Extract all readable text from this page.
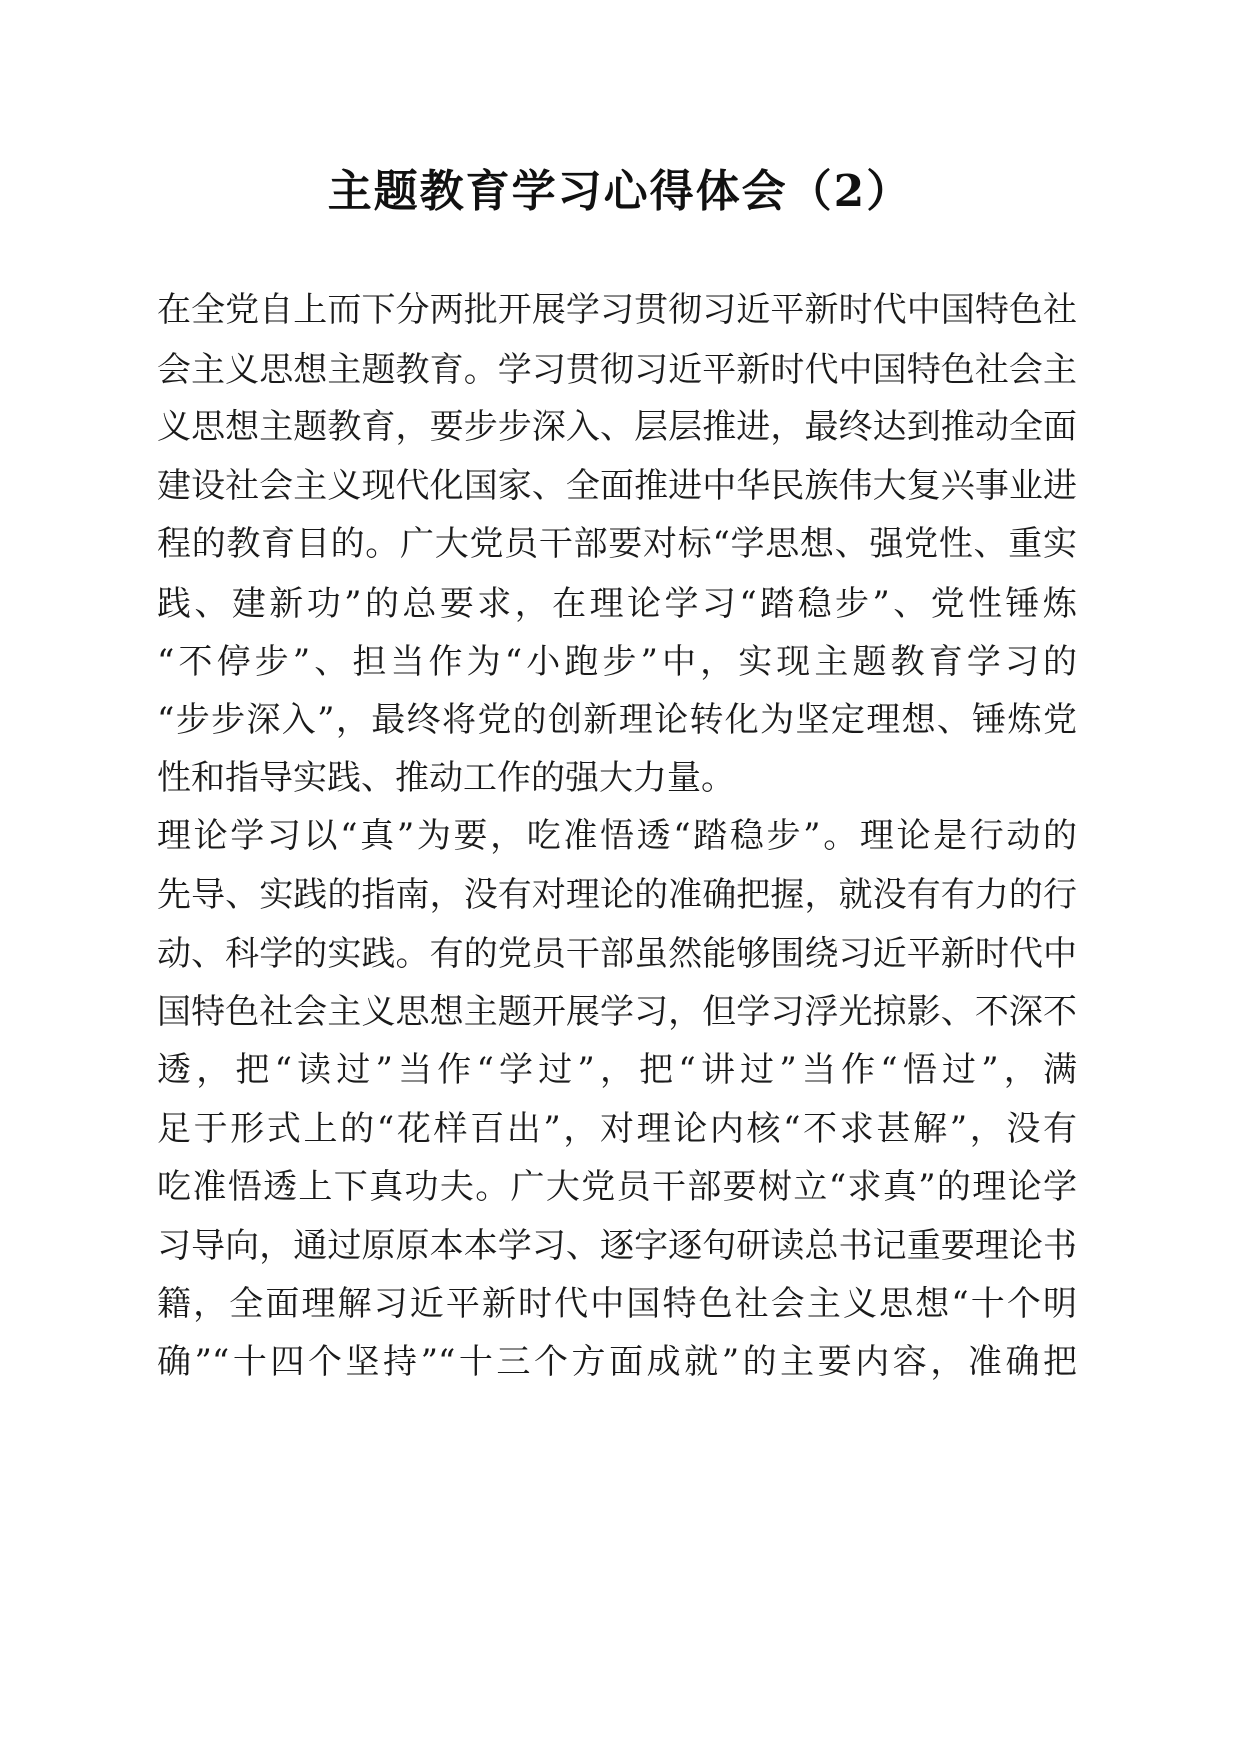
主题教育学习心得体会（2）
在全党自上而下分两批开展学习贯彻习近平新时代中国特色社
会主义思想主题教育。学习贯彻习近平新时代中国特色社会主
义思想主题教育，要步步深入、层层推进，最终达到推动全面
建设社会主义现代化国家、全面推进中华民族伟大复兴事业进
程的教育目的。广大党员干部要对标“学思想、强党性、重实
践、建新功”的总要求，在理论学习“踏稳步”、党性锤炼
“不停步”、担当作为“小跑步”中，实现主题教育学习的
“步步深入”，最终将党的创新理论转化为坚定理想、锤炼党
性和指导实践、推动工作的强大力量。
理论学习以“真”为要，吃准悟透“踏稳步”。理论是行动的
先导、实践的指南，没有对理论的准确把握，就没有有力的行
动、科学的实践。有的党员干部虽然能够围绕习近平新时代中
国特色社会主义思想主题开展学习，但学习浮光掠影、不深不
透，把“读过”当作“学过”，把“讲过”当作“悟过”，满
足于形式上的“花样百出”，对理论内核“不求甚解”，没有
吃准悟透上下真功夫。广大党员干部要树立“求真”的理论学
习导向，通过原原本本学习、逐字逐句研读总书记重要理论书
籍，全面理解习近平新时代中国特色社会主义思想“十个明
确”“十四个坚持”“十三个方面成就”的主要内容，准确把
